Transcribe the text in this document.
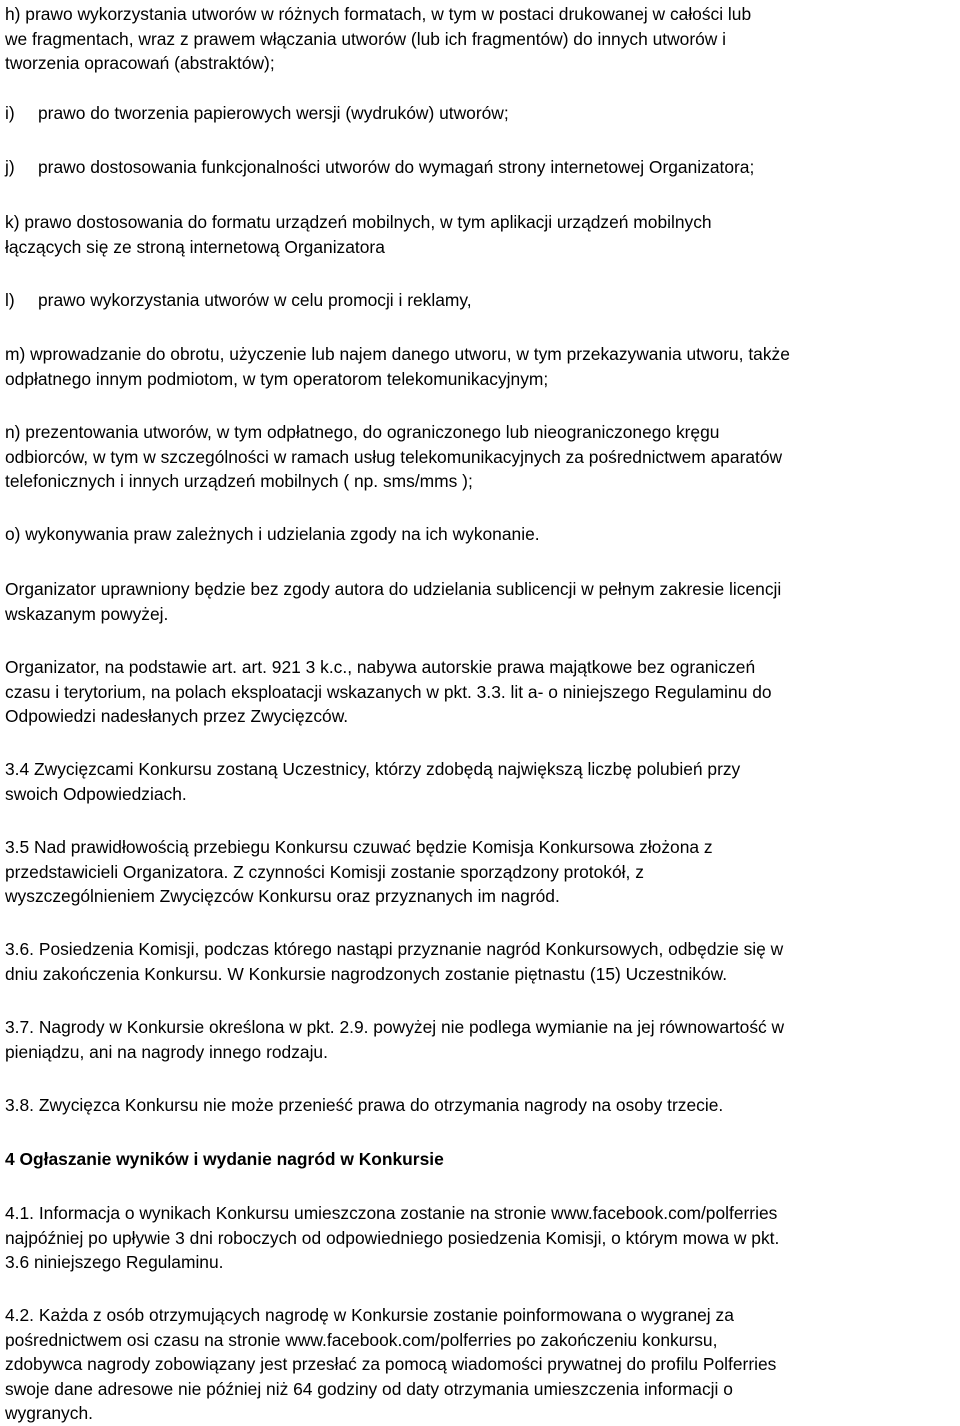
h) prawo wykorzystania utworów w różnych formatach, w tym w postaci drukowanej w całości lub
we fragmentach, wraz z prawem włączania utworów (lub ich fragmentów) do innych utworów i
tworzenia opracowań (abstraktów);
i) prawo do tworzenia papierowych wersji (wydruków) utworów;
j) prawo dostosowania funkcjonalności utworów do wymagań strony internetowej Organizatora;
k) prawo dostosowania do formatu urządzeń mobilnych, w tym aplikacji urządzeń mobilnych
łączących się ze stroną internetową Organizatora
l) prawo wykorzystania utworów w celu promocji i reklamy,
m) wprowadzanie do obrotu, użyczenie lub najem danego utworu, w tym przekazywania utworu, także
odpłatnego innym podmiotom, w tym operatorom telekomunikacyjnym;
n) prezentowania utworów, w tym odpłatnego, do ograniczonego lub nieograniczonego kręgu
odbiorców, w tym w szczególności w ramach usług telekomunikacyjnych za pośrednictwem aparatów
telefonicznych i innych urządzeń mobilnych ( np. sms/mms );
o) wykonywania praw zależnych i udzielania zgody na ich wykonanie.
Organizator uprawniony będzie bez zgody autora do udzielania sublicencji w pełnym zakresie licencji
wskazanym powyżej.
Organizator, na podstawie art. art. 921 3 k.c., nabywa autorskie prawa majątkowe bez ograniczeń
czasu i terytorium, na polach eksploatacji wskazanych w pkt. 3.3. lit a- o niniejszego Regulaminu do
Odpowiedzi nadesłanych przez Zwycięzców.
3.4 Zwycięzcami Konkursu zostaną Uczestnicy, którzy zdobędą największą liczbę polubień przy
swoich Odpowiedziach.
3.5 Nad prawidłowością przebiegu Konkursu czuwać będzie Komisja Konkursowa złożona z
przedstawicieli Organizatora. Z czynności Komisji zostanie sporządzony protokół, z
wyszczególnieniem Zwycięzców Konkursu oraz przyznanych im nagród.
3.6. Posiedzenia Komisji, podczas którego nastąpi przyznanie nagród Konkursowych, odbędzie się w
dniu zakończenia Konkursu. W Konkursie nagrodzonych zostanie piętnastu (15) Uczestników.
3.7. Nagrody w Konkursie określona w pkt. 2.9. powyżej nie podlega wymianie na jej równowartość w
pieniądzu, ani na nagrody innego rodzaju.
3.8. Zwycięzca Konkursu nie może przenieść prawa do otrzymania nagrody na osoby trzecie.
4 Ogłaszanie wyników i wydanie nagród w Konkursie
4.1. Informacja o wynikach Konkursu umieszczona zostanie na stronie www.facebook.com/polferries
najpóźniej po upływie 3 dni roboczych od odpowiedniego posiedzenia Komisji, o którym mowa w pkt.
3.6 niniejszego Regulaminu.
4.2. Każda z osób otrzymujących nagrodę w Konkursie zostanie poinformowana o wygranej za
pośrednictwem osi czasu na stronie www.facebook.com/polferries po zakończeniu konkursu,
zdobywca nagrody zobowiązany jest przesłać za pomocą wiadomości prywatnej do profilu Polferries
swoje dane adresowe nie później niż 64 godziny od daty otrzymania umieszczenia informacji o
wygranych.
